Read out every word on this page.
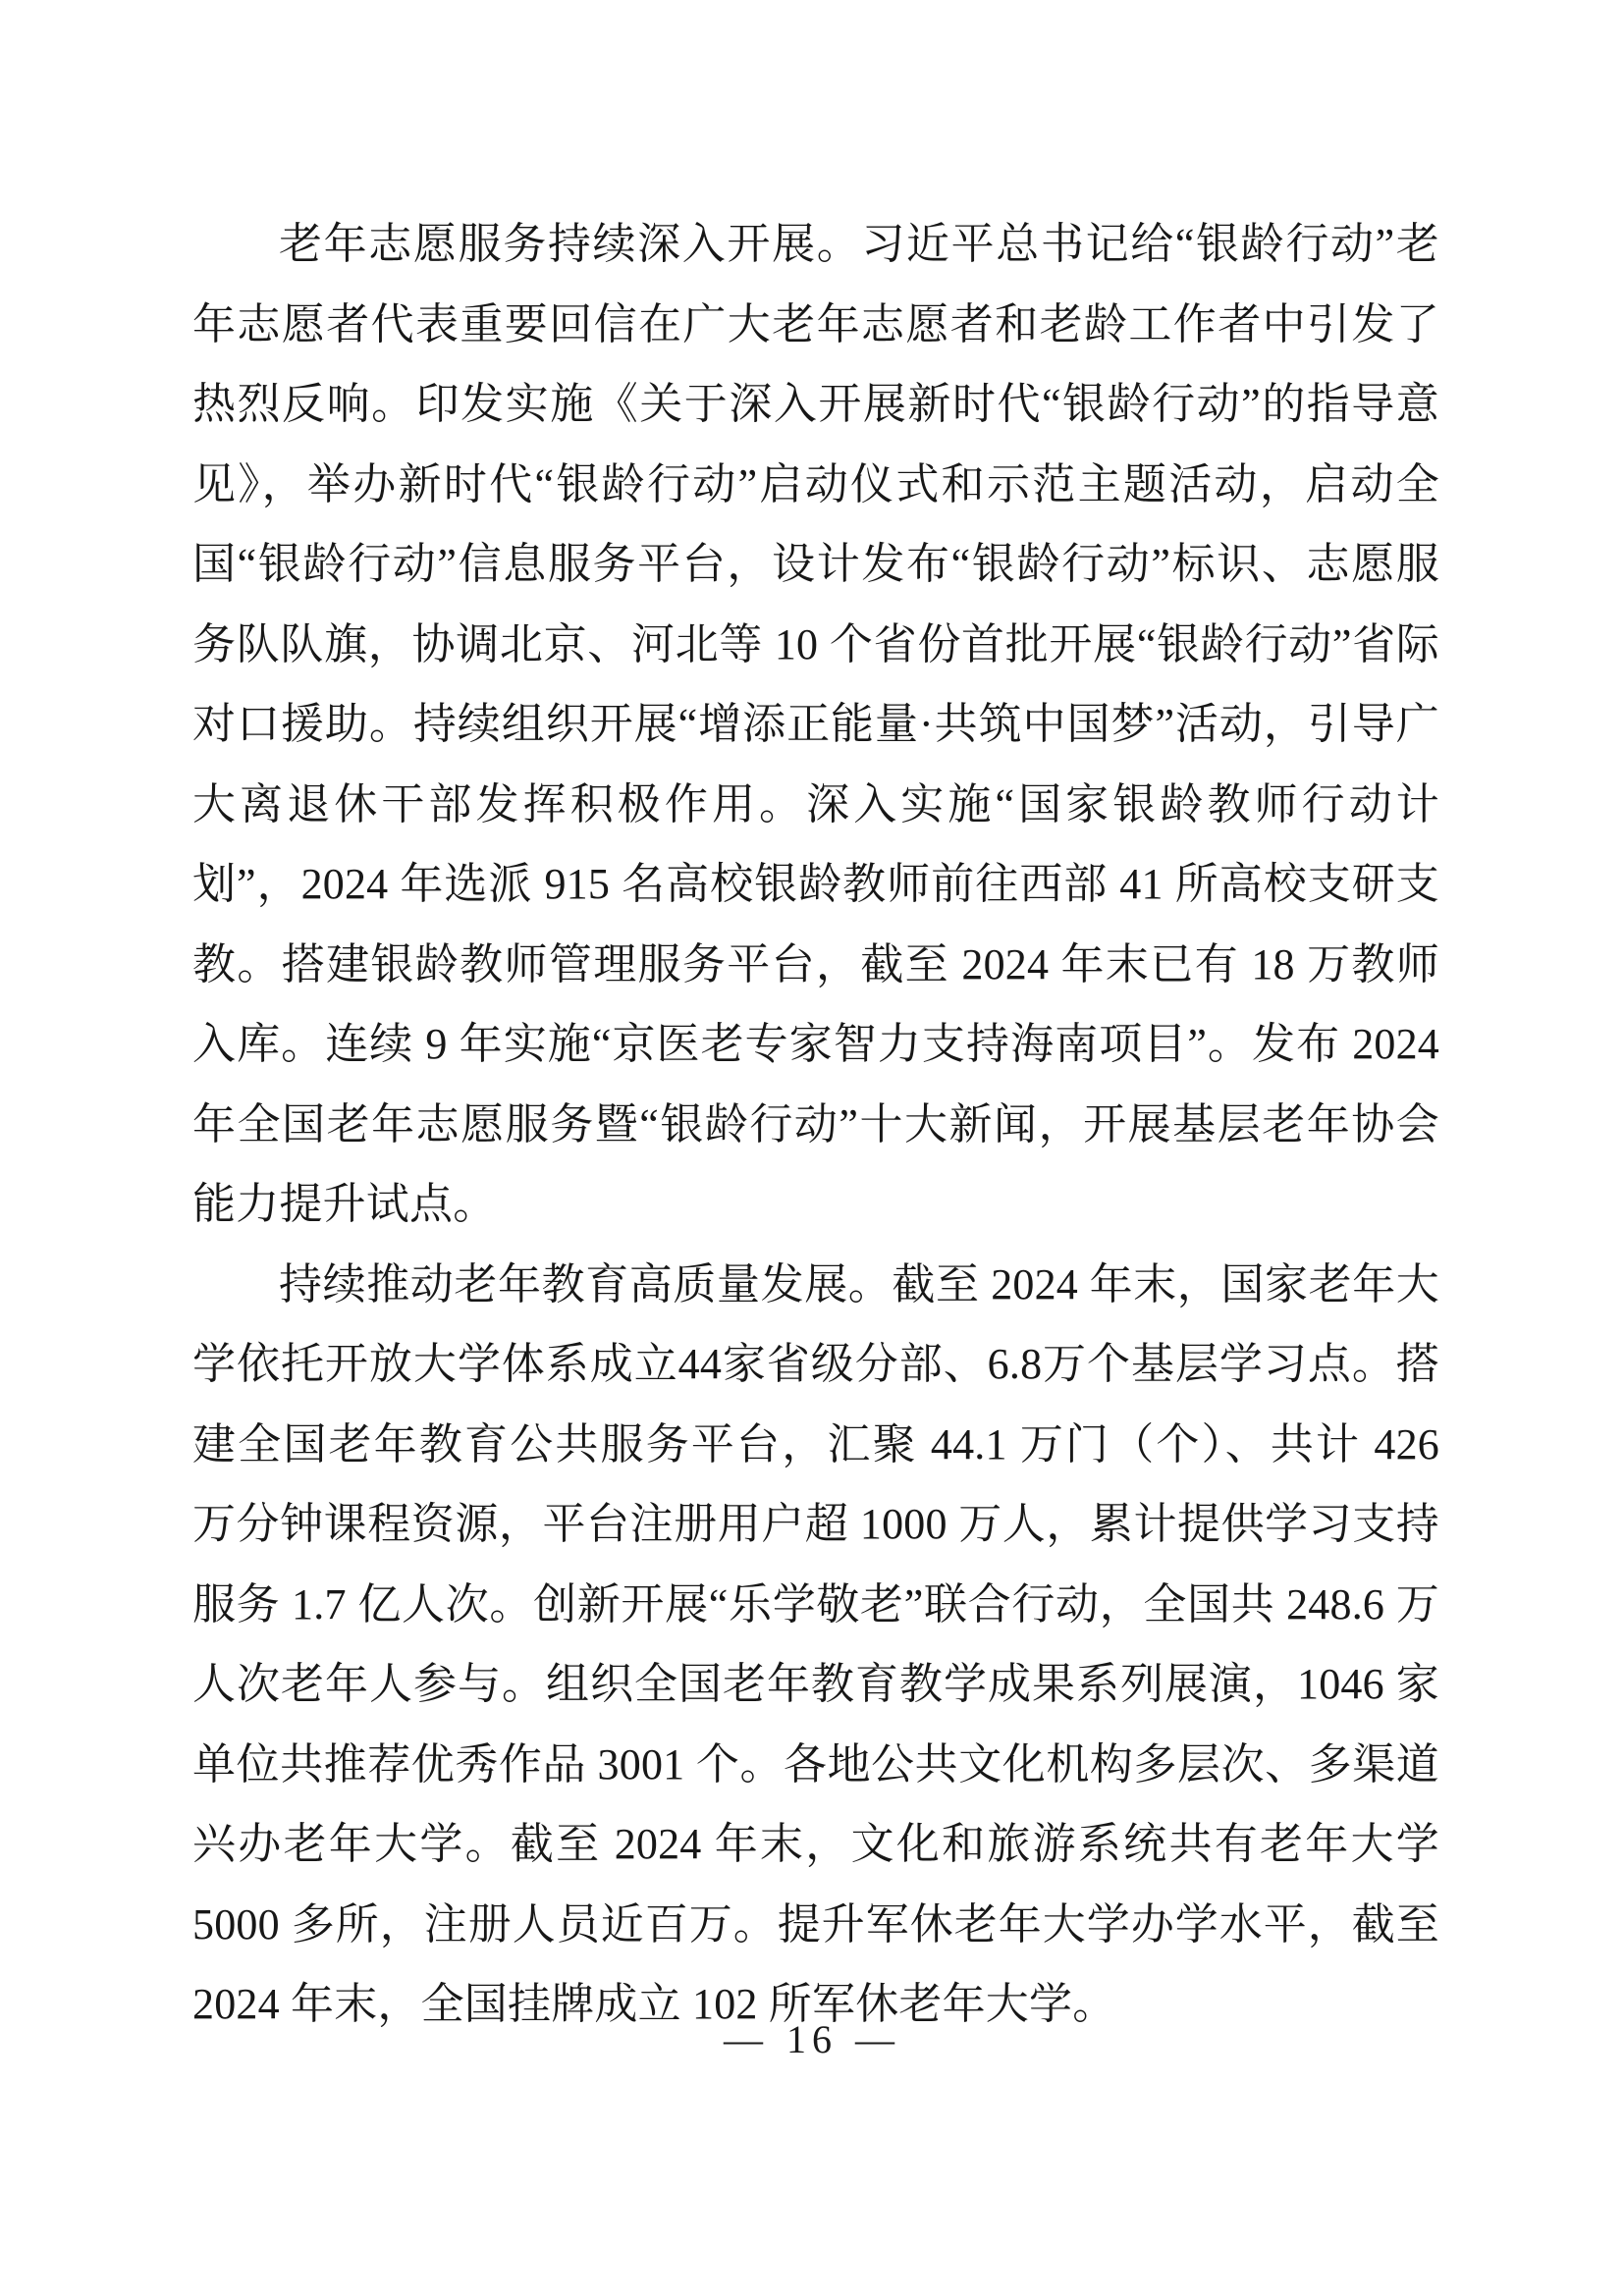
老年志愿服务持续深入开展。习近平总书记给“银龄行动”老年志愿者代表重要回信在广大老年志愿者和老龄工作者中引发了热烈反响。印发实施《关于深入开展新时代“银龄行动”的指导意见》，举办新时代“银龄行动”启动仪式和示范主题活动，启动全国“银龄行动”信息服务平台，设计发布“银龄行动”标识、志愿服务队队旗，协调北京、河北等 10 个省份首批开展“银龄行动”省际对口援助。持续组织开展“增添正能量·共筑中国梦”活动，引导广大离退休干部发挥积极作用。深入实施“国家银龄教师行动计划”，2024 年选派 915 名高校银龄教师前往西部 41 所高校支研支教。搭建银龄教师管理服务平台，截至 2024 年末已有 18 万教师入库。连续 9 年实施“京医老专家智力支持海南项目”。发布 2024 年全国老年志愿服务暨“银龄行动”十大新闻，开展基层老年协会能力提升试点。

持续推动老年教育高质量发展。截至 2024 年末，国家老年大学依托开放大学体系成立44家省级分部、6.8万个基层学习点。搭建全国老年教育公共服务平台，汇聚 44.1 万门（个）、共计 426 万分钟课程资源，平台注册用户超 1000 万人，累计提供学习支持服务 1.7 亿人次。创新开展“乐学敬老”联合行动，全国共 248.6 万人次老年人参与。组织全国老年教育教学成果系列展演，1046 家单位共推荐优秀作品 3001 个。各地公共文化机构多层次、多渠道兴办老年大学。截至 2024 年末，文化和旅游系统共有老年大学 5000 多所，注册人员近百万。提升军休老年大学办学水平，截至 2024 年末，全国挂牌成立 102 所军休老年大学。

— 16 —
